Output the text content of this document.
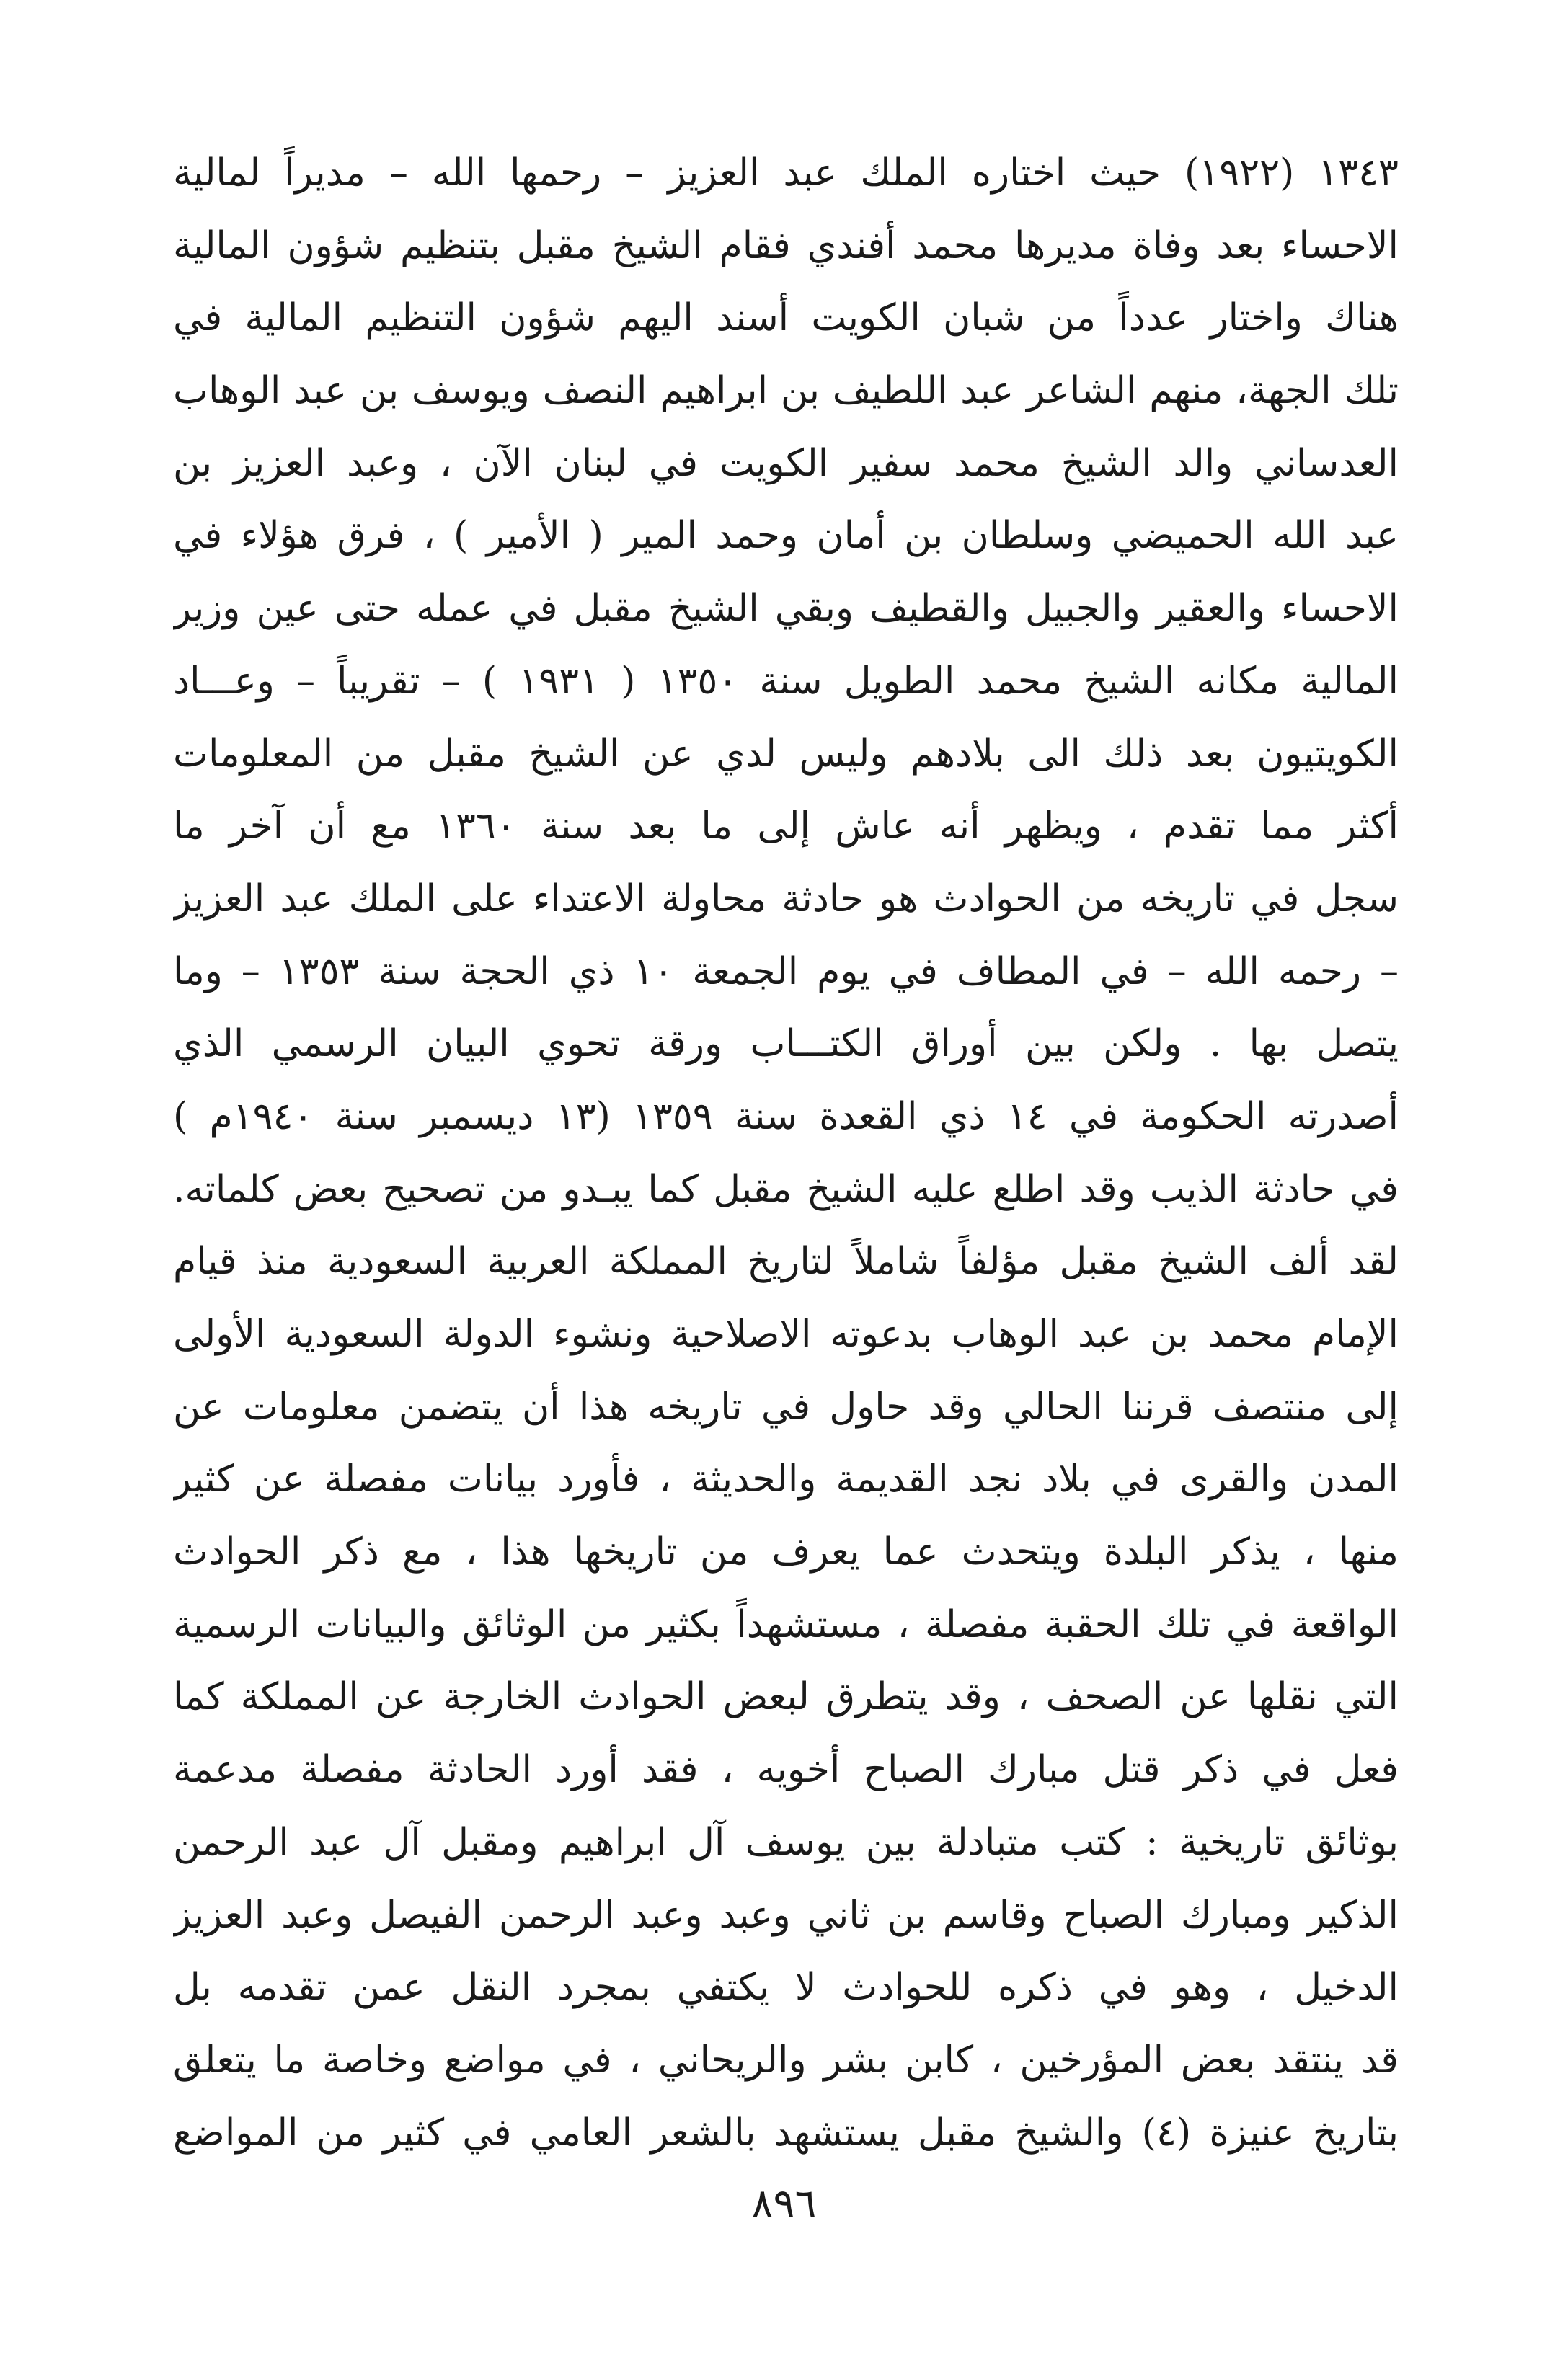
١٣٤٣ (١٩٢٢) حيث اختاره الملك عبد العزيز – رحمها الله – مديراً لمالية
الاحساء بعد وفاة مديرها محمد أفندي فقام الشيخ مقبل بتنظيم شؤون المالية
هناك واختار عدداً من شبان الكويت أسند اليهم شؤون التنظيم المالية في
تلك الجهة، منهم الشاعر عبد اللطيف بن ابراهيم النصف ويوسف بن عبد الوهاب
العدساني والد الشيخ محمد سفير الكويت في لبنان الآن ، وعبد العزيز بن
عبد الله الحميضي وسلطان بن أمان وحمد المير ( الأمير ) ، فرق هؤلاء في
الاحساء والعقير والجبيل والقطيف وبقي الشيخ مقبل في عمله حتى عين وزير
المالية مكانه الشيخ محمد الطويل سنة ١٣٥٠ ( ١٩٣١ ) – تقريباً – وعـــاد
الكويتيون بعد ذلك الى بلادهم وليس لدي عن الشيخ مقبل من المعلومات
أكثر مما تقدم ، ويظهر أنه عاش إلى ما بعد سنة ١٣٦٠ مع أن آخر ما
سجل في تاريخه من الحوادث هو حادثة محاولة الاعتداء على الملك عبد العزيز
– رحمه الله – في المطاف في يوم الجمعة ١٠ ذي الحجة سنة ١٣٥٣ – وما
يتصل بها . ولكن بين أوراق الكتـــاب ورقة تحوي البيان الرسمي الذي
أصدرته الحكومة في ١٤ ذي القعدة سنة ١٣٥٩ (١٣ ديسمبر سنة ١٩٤٠م )
في حادثة الذيب وقد اطلع عليه الشيخ مقبل كما يبـدو من تصحيح بعض كلماته.
لقد ألف الشيخ مقبل مؤلفاً شاملاً لتاريخ المملكة العربية السعودية منذ قيام
الإمام محمد بن عبد الوهاب بدعوته الاصلاحية ونشوء الدولة السعودية الأولى
إلى منتصف قرننا الحالي وقد حاول في تاريخه هذا أن يتضمن معلومات عن
المدن والقرى في بلاد نجد القديمة والحديثة ، فأورد بيانات مفصلة عن كثير
منها ، يذكر البلدة ويتحدث عما يعرف من تاريخها هذا ، مع ذكر الحوادث
الواقعة في تلك الحقبة مفصلة ، مستشهداً بكثير من الوثائق والبيانات الرسمية
التي نقلها عن الصحف ، وقد يتطرق لبعض الحوادث الخارجة عن المملكة كما
فعل في ذكر قتل مبارك الصباح أخويه ، فقد أورد الحادثة مفصلة مدعمة
بوثائق تاريخية : كتب متبادلة بين يوسف آل ابراهيم ومقبل آل عبد الرحمن
الذكير ومبارك الصباح وقاسم بن ثاني وعبد وعبد الرحمن الفيصل وعبد العزيز
الدخيل ، وهو في ذكره للحوادث لا يكتفي بمجرد النقل عمن تقدمه بل
قد ينتقد بعض المؤرخين ، كابن بشر والريحاني ، في مواضع وخاصة ما يتعلق
بتاريخ عنيزة (٤) والشيخ مقبل يستشهد بالشعر العامي في كثير من المواضع
٨٩٦
